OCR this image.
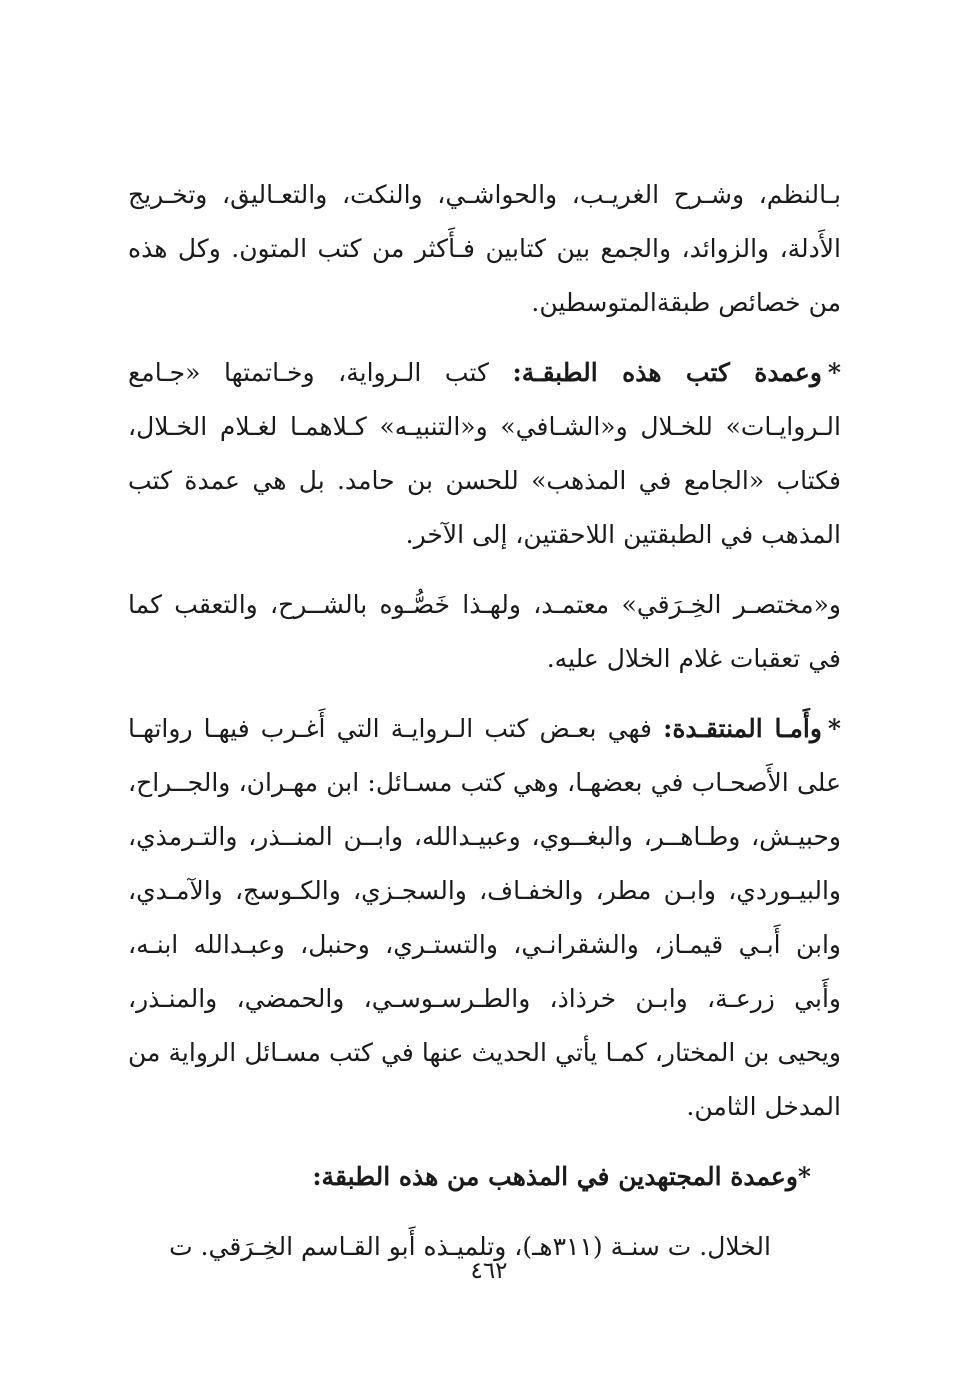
بـالنظم، وشـرح الغريـب، والحواشـي، والنكت، والتعـاليق، وتخـريج الأَدلة، والزوائد، والجمع بين كتابين فـأَكثر من كتب المتون. وكل هذه من خصائص طبقةالمتوسطين.

*وعمدة كتب هذه الطبقـة: كتب الـرواية، وخـاتمتها «جـامع الـروايـات» للخـلال و«الشـافي» و«التنبيـه» كـلاهمـا لغـلام الخـلال، فكتاب «الجامع في المذهب» للحسن بن حامد. بل هي عمدة كتب المذهب في الطبقتين اللاحقتين، إلى الآخر.

و«مختصـر الخِـرَقي» معتمـد، ولهـذا خَصُّـوه بالشــرح، والتعقب كما في تعقبات غلام الخلال عليه.

*وأَمـا المنتقـدة: فهي بعـض كتب الـروايـة التي أَغـرب فيهـا رواتهـا على الأَصحـاب في بعضهـا، وهي كتب مسـائل: ابن مهـران، والجــراح، وحبيـش، وطـاهــر، والبغــوي، وعبيـدالله، وابــن المنــذر، والتـرمذي، والبيـوردي، وابـن مطر، والخفـاف، والسجـزي، والكـوسج، والآمـدي، وابن أَبـي قيمـاز، والشقرانـي، والتستـري، وحنبل، وعبـدالله ابنـه، وأَبي زرعـة، وابـن خرذاذ، والطـرسـوسـي، والحمضي، والمنـذر، ويحيى بن المختار، كمـا يأتي الحديث عنها في كتب مسـائل الرواية من المدخل الثامن.

*وعمدة المجتهدين في المذهب من هذه الطبقة:

الخلال. ت سنـة (٣١١هـ)، وتلميـذه أَبو القـاسم الخِـرَقي. ت

٤٦٢
